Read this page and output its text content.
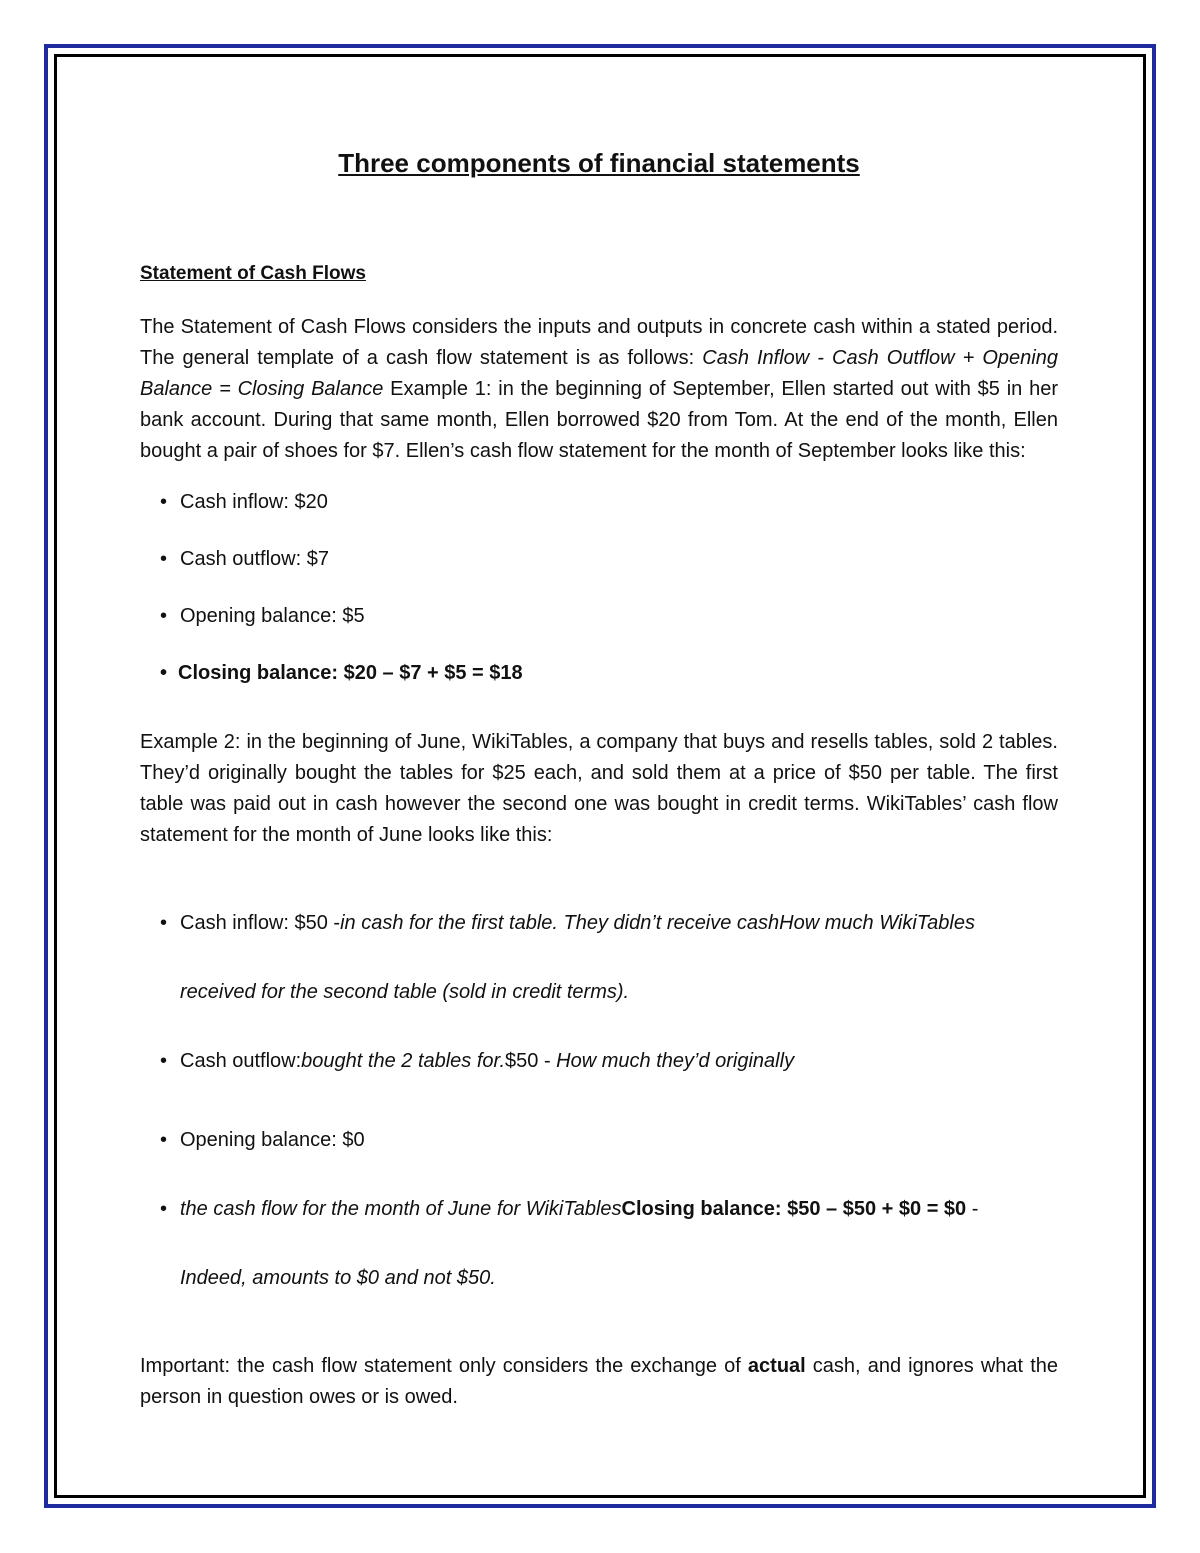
Three components of financial statements
Statement of Cash Flows
The Statement of Cash Flows considers the inputs and outputs in concrete cash within a stated period. The general template of a cash flow statement is as follows: Cash Inflow - Cash Outflow + Opening Balance = Closing Balance Example 1: in the beginning of September, Ellen started out with $5 in her bank account. During that same month, Ellen borrowed $20 from Tom. At the end of the month, Ellen bought a pair of shoes for $7. Ellen’s cash flow statement for the month of September looks like this:
• Cash inflow: $20
• Cash outflow: $7
• Opening balance: $5
• Closing balance: $20 – $7 + $5 = $18
Example 2: in the beginning of June, WikiTables, a company that buys and resells tables, sold 2 tables. They’d originally bought the tables for $25 each, and sold them at a price of $50 per table. The first table was paid out in cash however the second one was bought in credit terms. WikiTables’ cash flow statement for the month of June looks like this:
• Cash inflow: $50 -in cash for the first table. They didn’t receive cashHow much WikiTables
received for the second table (sold in credit terms).
• Cash outflow:bought the 2 tables for.$50 - How much they’d originally
• Opening balance: $0
• the cash flow for the month of June for WikiTablesClosing balance: $50 – $50 + $0 = $0 -
Indeed, amounts to $0 and not $50.
Important: the cash flow statement only considers the exchange of actual cash, and ignores what the person in question owes or is owed.
